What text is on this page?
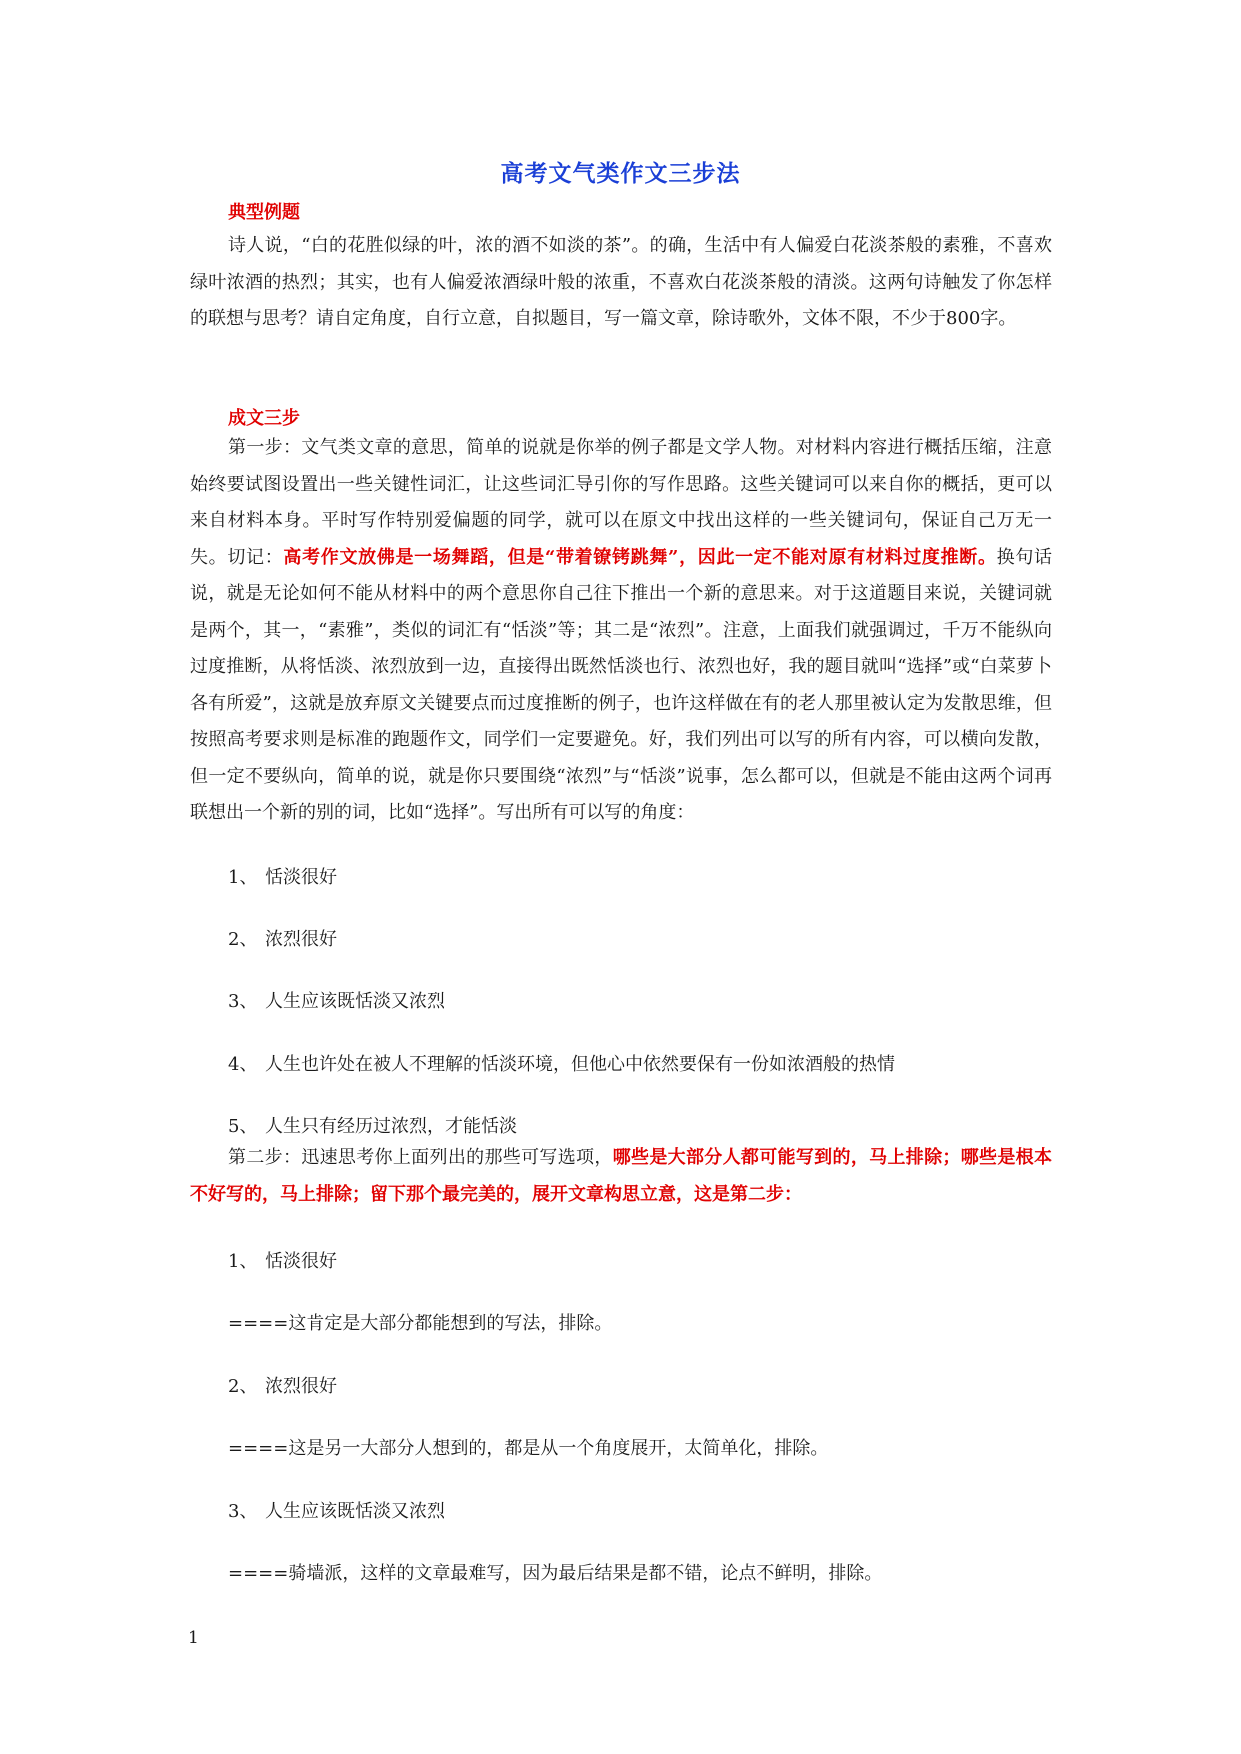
高考文气类作文三步法
典型例题

诗人说，“白的花胜似绿的叶，浓的酒不如淡的茶”。的确，生活中有人偏爱白花淡茶般的素雅，不喜欢绿叶浓酒的热烈；其实，也有人偏爱浓酒绿叶般的浓重，不喜欢白花淡茶般的清淡。这两句诗触发了你怎样的联想与思考？请自定角度，自行立意，自拟题目，写一篇文章，除诗歌外，文体不限，不少于800字。

成文三步

第一步：文气类文章的意思，简单的说就是你举的例子都是文学人物。对材料内容进行概括压缩，注意始终要试图设置出一些关键性词汇，让这些词汇导引你的写作思路。这些关键词可以来自你的概括，更可以来自材料本身。平时写作特别爱偏题的同学，就可以在原文中找出这样的一些关键词句，保证自己万无一失。切记：高考作文放佛是一场舞蹈，但是“带着镣铐跳舞”，因此一定不能对原有材料过度推断。换句话说，就是无论如何不能从材料中的两个意思你自己往下推出一个新的意思来。对于这道题目来说，关键词就是两个，其一，“素雅”，类似的词汇有“恬淡”等；其二是“浓烈”。注意，上面我们就强调过，千万不能纵向过度推断，从将恬淡、浓烈放到一边，直接得出既然恬淡也行、浓烈也好，我的题目就叫“选择”或“白菜萝卜各有所爱”，这就是放弃原文关键要点而过度推断的例子，也许这样做在有的老人那里被认定为发散思维，但按照高考要求则是标准的跑题作文，同学们一定要避免。好，我们列出可以写的所有内容，可以横向发散，但一定不要纵向，简单的说，就是你只要围绕“浓烈”与“恬淡”说事，怎么都可以，但就是不能由这两个词再联想出一个新的别的词，比如“选择”。写出所有可以写的角度：

1、 恬淡很好
2、 浓烈很好
3、 人生应该既恬淡又浓烈
4、 人生也许处在被人不理解的恬淡环境，但他心中依然要保有一份如浓酒般的热情
5、 人生只有经历过浓烈，才能恬淡

第二步：迅速思考你上面列出的那些可写选项，哪些是大部分人都可能写到的，马上排除；哪些是根本不好写的，马上排除；留下那个最完美的，展开文章构思立意，这是第二步：

1、 恬淡很好
====这肯定是大部分都能想到的写法，排除。
2、 浓烈很好
====这是另一大部分人想到的，都是从一个角度展开，太简单化，排除。
3、 人生应该既恬淡又浓烈
====骑墙派，这样的文章最难写，因为最后结果是都不错，论点不鲜明，排除。
1
